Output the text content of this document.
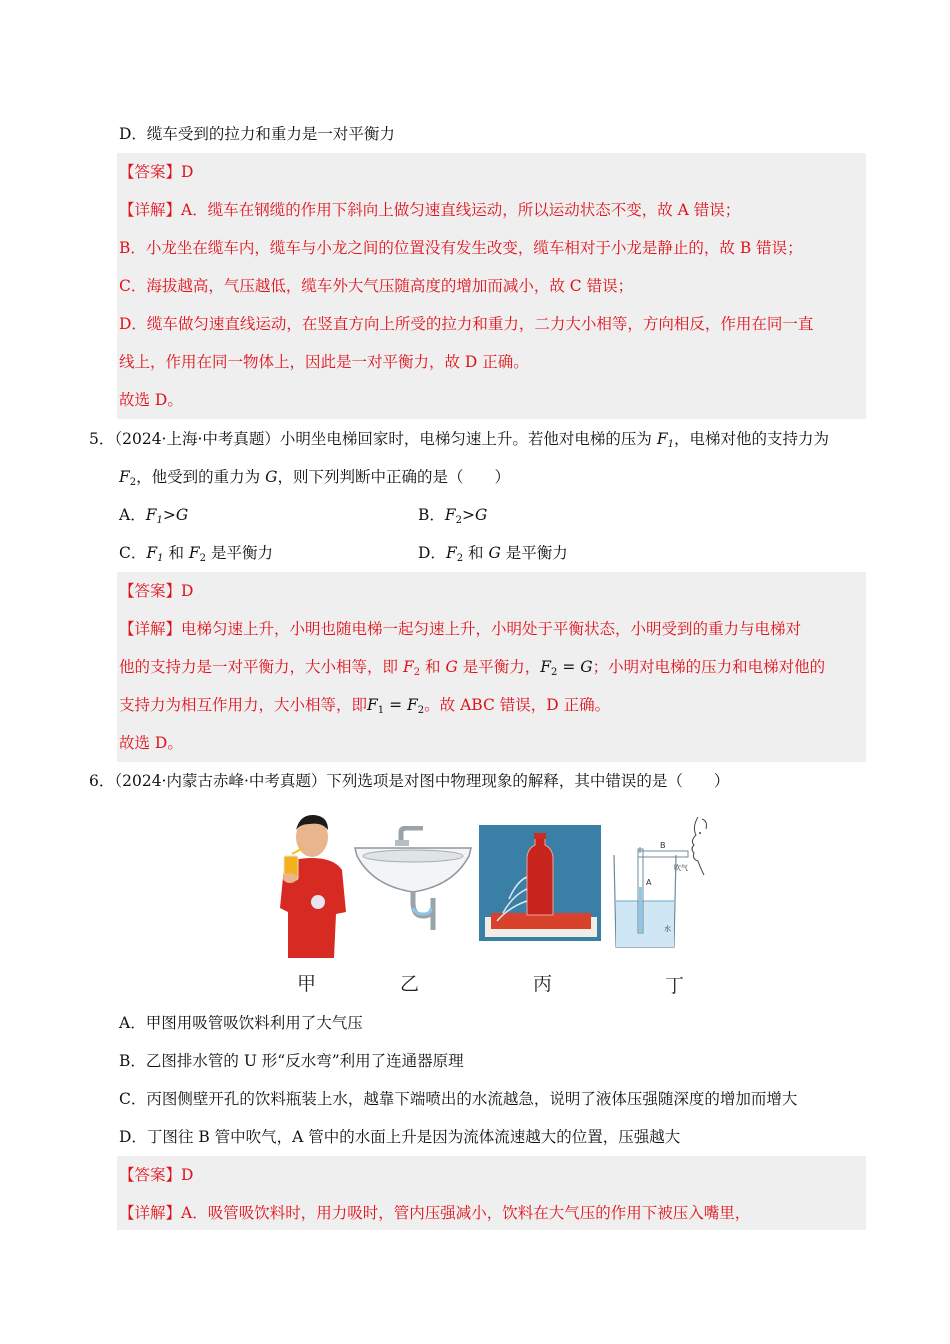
D．缆车受到的拉力和重力是一对平衡力
【答案】D
【详解】A．缆车在钢缆的作用下斜向上做匀速直线运动，所以运动状态不变，故 A 错误；
B．小龙坐在缆车内，缆车与小龙之间的位置没有发生改变，缆车相对于小龙是静止的，故 B 错误；
C．海拔越高，气压越低，缆车外大气压随高度的增加而减小，故 C 错误；
D．缆车做匀速直线运动，在竖直方向上所受的拉力和重力，二力大小相等，方向相反，作用在同一直
线上，作用在同一物体上，因此是一对平衡力，故 D 正确。
故选 D。
5．（2024·上海·中考真题）小明坐电梯回家时，电梯匀速上升。若他对电梯的压为 $F_1$，电梯对他的支持力为
$F_2$，他受到的重力为 G，则下列判断中正确的是（　　）
A．$F_1>G$	B．$F_2>G$
C．$F_1$ 和 $F_2$ 是平衡力	D．$F_2$ 和 G 是平衡力
【答案】D
【详解】电梯匀速上升，小明也随电梯一起匀速上升，小明处于平衡状态，小明受到的重力与电梯对
他的支持力是一对平衡力，大小相等，即 $F_2$ 和 G 是平衡力，$F_2 = G$；小明对电梯的压力和电梯对他的
支持力为相互作用力，大小相等，即$F_1 = F_2$。故 ABC 错误，D 正确。
故选 D。
6．（2024·内蒙古赤峰·中考真题）下列选项是对图中物理现象的解释，其中错误的是（　　）
B
A
吹气
水
甲	乙	丙	丁
A．甲图用吸管吸饮料利用了大气压
B．乙图排水管的 U 形“反水弯”利用了连通器原理
C．丙图侧壁开孔的饮料瓶装上水，越靠下端喷出的水流越急，说明了液体压强随深度的增加而增大
D．丁图往 B 管中吹气，A 管中的水面上升是因为流体流速越大的位置，压强越大
【答案】D
【详解】A．吸管吸饮料时，用力吸时，管内压强减小，饮料在大气压的作用下被压入嘴里，
